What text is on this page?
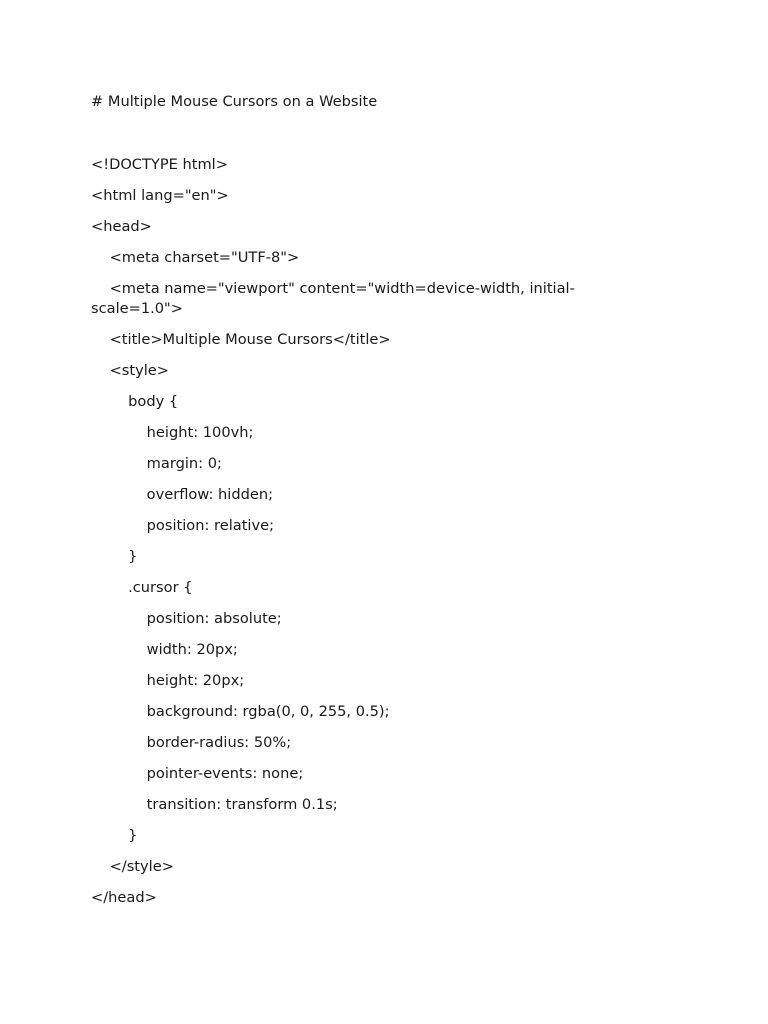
# Multiple Mouse Cursors on a Website

<!DOCTYPE html>
<html lang="en">
<head>
<meta charset="UTF-8">
<meta name="viewport" content="width=device-width, initial-scale=1.0">
<title>Multiple Mouse Cursors</title>
<style>
body {
height: 100vh;
margin: 0;
overflow: hidden;
position: relative;
}
.cursor {
position: absolute;
width: 20px;
height: 20px;
background: rgba(0, 0, 255, 0.5);
border-radius: 50%;
pointer-events: none;
transition: transform 0.1s;
}
</style>
</head>
